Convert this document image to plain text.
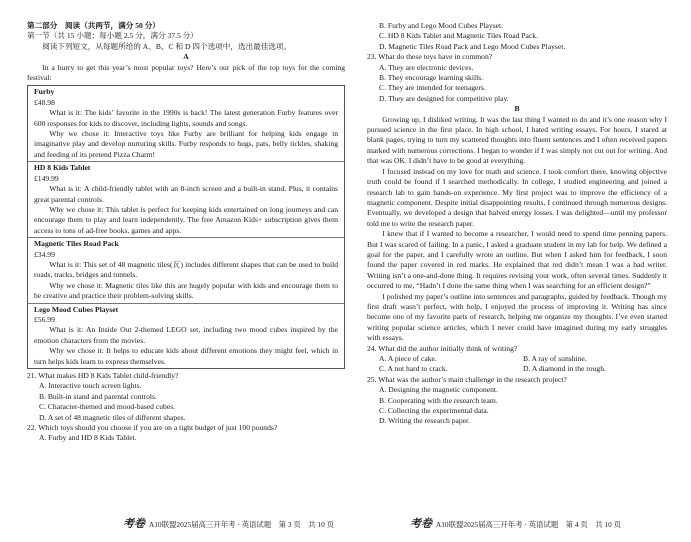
第二部分　阅读（共两节，满分 50 分）

第一节（共 15 小题；每小题 2.5 分，满分 37.5 分）

阅读下列短文，从每题所给的 A、B、C 和 D 四个选项中，选出最佳选项。

A

In a hurry to get this year’s most popular toys? Here’s our pick of the top toys for the coming festival:

Furby

£48.98

What is it: The kids’ favorite in the 1990s is back! The latest generation Furby features over 600 responses for kids to discover, including lights, sounds and songs.

Why we chose it: Interactive toys like Furby are brilliant for helping kids engage in imaginative play and develop nurturing skills. Furby responds to hugs, pats, belly tickles, shaking and feeding of its pretend Pizza Charm!

HD 8 Kids Tablet

£149.99

What is it: A child-friendly tablet with an 8-inch screen and a built-in stand. Plus, it contains great parental controls.

Why we chose it: This tablet is perfect for keeping kids entertained on long journeys and can encourage them to play and learn independently. The free Amazon Kids+ subscription gives them access to tons of ad-free books, games and apps.

Magnetic Tiles Road Pack

£34.99

What is it: This set of 48 magnetic tiles(瓦) includes different shapes that can be used to build roads, tracks, bridges and tunnels.

Why we chose it: Magnetic tiles like this are hugely popular with kids and encourage them to be creative and practice their problem-solving skills.

Lego Mood Cubes Playset

£56.99

What is it: An Inside Out 2-themed LEGO set, including two mood cubes inspired by the emotion characters from the movies.

Why we chose it: It helps to educate kids about different emotions they might feel, which in turn helps kids learn to express themselves.

21. What makes HD 8 Kids Tablet child-friendly?

A. Interactive touch screen lights.

B. Built-in stand and parental controls.

C. Character-themed and mood-based cubes.

D. A set of 48 magnetic tiles of different shapes.

22. Which toys should you choose if you are on a tight budget of just 100 pounds?

A. Furby and HD 8 Kids Tablet.

B. Furby and Lego Mood Cubes Playset.

C. HD 8 Kids Tablet and Magnetic Tiles Road Pack.

D. Magnetic Tiles Road Pack and Lego Mood Cubes Playset.

23. What do these toys have in common?

A. They are electronic devices.

B. They encourage learning skills.

C. They are intended for teenagers.

D. They are designed for competitive play.

B

Growing up, I disliked writing. It was the last thing I wanted to do and it’s one reason why I pursued science in the first place. In high school, I hated writing essays. For hours, I stared at blank pages, trying to turn my scattered thoughts into fluent sentences and I often received papers marked with numerous corrections. I began to wonder if I was simply not cut out for writing. And that was OK. I didn’t have to be good at everything.

I focused instead on my love for math and science. I took comfort there, knowing objective truth could be found if I searched methodically. In college, I studied engineering and joined a research lab to gain hands-on experience. My first project was to improve the efficiency of a magnetic component. Despite initial disappointing results, I continued through numerous designs. Eventually, we developed a design that halved energy losses. I was delighted—until my professor told me to write the research paper.

I knew that if I wanted to become a researcher, I would need to spend time penning papers. But I was scared of failing. In a panic, I asked a graduate student in my lab for help. We defined a goal for the paper, and I carefully wrote an outline. But when I asked him for feedback, I soon found the paper covered in red marks. He explained that red didn’t mean I was a bad writer. Writing isn’t a one-and-done thing. It requires revising your work, often several times. Suddenly it occurred to me, “Hadn’t I done the same thing when I was searching for an efficient design?”

I polished my paper’s outline into sentences and paragraphs, guided by feedback. Though my first draft wasn’t perfect, with help, I enjoyed the process of improving it. Writing has since become one of my favorite parts of research, helping me organize my thoughts. I’ve even started writing popular science articles, which I never could have imagined during my early struggles with essays.

24. What did the author initially think of writing?

A. A piece of cake.	B. A ray of sunshine.
C. A nut hard to crack.	D. A diamond in the rough.

25. What was the author’s main challenge in the research project?

A. Designing the magnetic component.

B. Cooperating with the research team.

C. Collecting the experimental data.

D. Writing the research paper.

考卷 A10联盟2025届高三开年考 · 英语试题　第 3 页　共 10 页	考卷 A10联盟2025届高三开年考 · 英语试题　第 4 页　共 10 页
